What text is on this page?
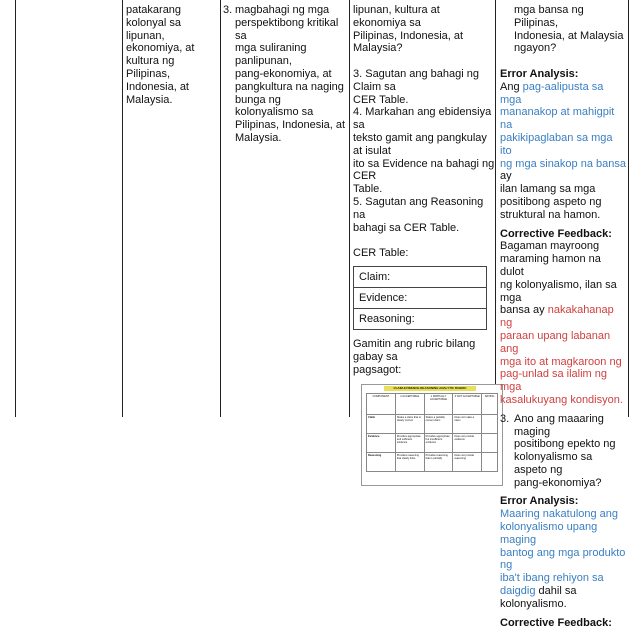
patakarang kolonyal sa
lipunan, ekonomiya, at
kultura ng Pilipinas,
Indonesia, at Malaysia.
3. magbahagi ng mga
perspektibong kritikal sa
mga suliraning panlipunan,
pang-ekonomiya, at
pangkultura na naging
bunga ng kolonyalismo sa
Pilipinas, Indonesia, at
Malaysia.
lipunan, kultura at ekonomiya sa
Pilipinas, Indonesia, at Malaysia?
3. Sagutan ang bahagi ng Claim sa
CER Table.
4. Markahan ang ebidensiya sa
teksto gamit ang pangkulay at isulat
ito sa Evidence na bahagi ng CER
Table.
5. Sagutan ang Reasoning na
bahagi sa CER Table.
CER Table:
Claim:
Evidence:
Reasoning:
Gamitin ang rubric bilang gabay sa
pagsagot:
CLAIM-EVIDENCE-REASONING ANALYTIC RUBRIC
COMPONENT	2 ACCEPTABLE	1 PARTIALLY ACCEPTABLE	0 NOT ACCEPTABLE	RATING
Claim	States a claim that is clearly correct	States a partially correct claim	Does not make a claim	
Evidence	Provides appropriate and sufficient evidence	Provides appropriate but insufficient evidence	Does not provide evidence	
Reasoning	Provides reasoning that clearly links	Provides reasoning that is partially	Does not provide reasoning	
mga bansa ng Pilipinas,
Indonesia, at Malaysia
ngayon?
Error Analysis:
Ang pag-aalipusta sa mga
mananakop at mahigpit na
pakikipaglaban sa mga ito
ng mga sinakop na bansa ay
ilan lamang sa mga
positibong aspeto ng
struktural na hamon.
Corrective Feedback:
Bagaman mayroong
maraming hamon na dulot
ng kolonyalismo, ilan sa mga
bansa ay nakakahanap ng
paraan upang labanan ang
mga ito at magkaroon ng
pag-unlad sa ilalim ng mga
kasalukuyang kondisyon.
3. Ano ang maaaring maging
positibong epekto ng
kolonyalismo sa aspeto ng
pang-ekonomiya?
Error Analysis:
Maaring nakatulong ang
kolonyalismo upang maging
bantog ang mga produkto ng
iba't ibang rehiyon sa
daigdig dahil sa
kolonyalismo.
Corrective Feedback:
